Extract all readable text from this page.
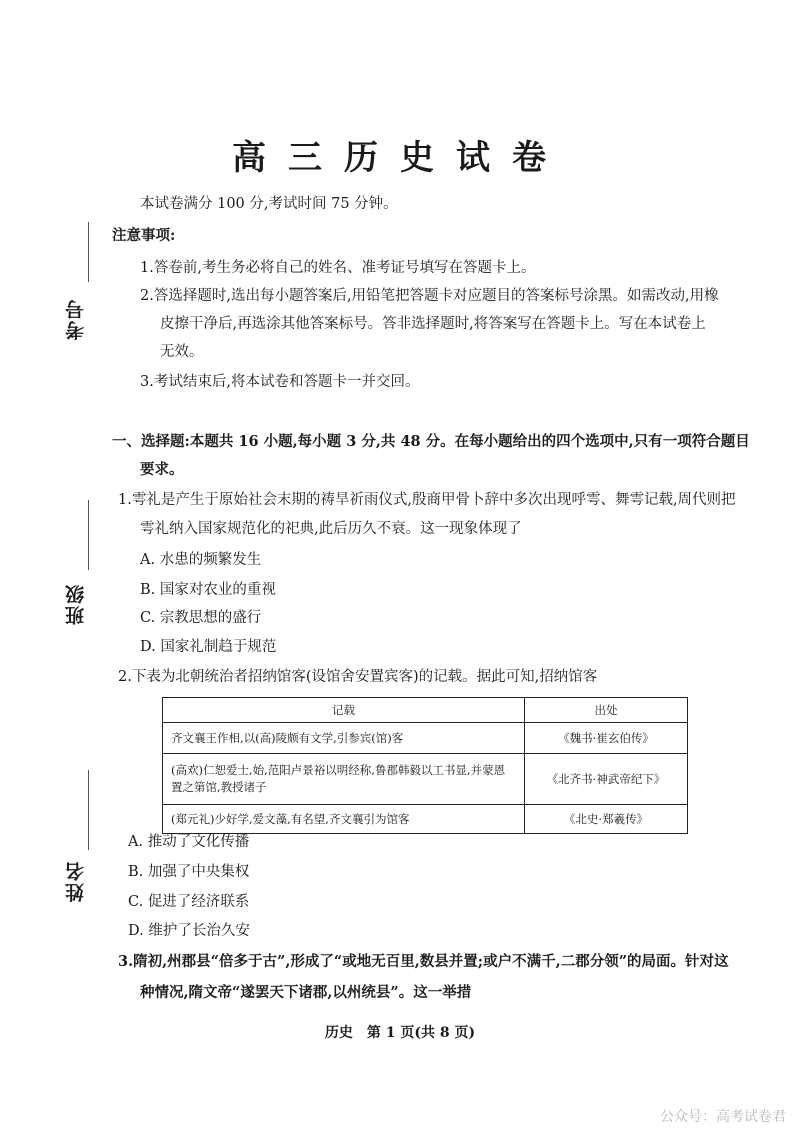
考号
班级
姓名
高三历史试卷
本试卷满分 100 分,考试时间 75 分钟。
注意事项:
1.答卷前,考生务必将自己的姓名、准考证号填写在答题卡上。
2.答选择题时,选出每小题答案后,用铅笔把答题卡对应题目的答案标号涂黑。如需改动,用橡
皮擦干净后,再选涂其他答案标号。答非选择题时,将答案写在答题卡上。写在本试卷上
无效。
3.考试结束后,将本试卷和答题卡一并交回。
一、选择题:本题共 16 小题,每小题 3 分,共 48 分。在每小题给出的四个选项中,只有一项符合题目
要求。
1.雩礼是产生于原始社会末期的祷旱祈雨仪式,殷商甲骨卜辞中多次出现呼雩、舞雩记载,周代则把
雩礼纳入国家规范化的祀典,此后历久不衰。这一现象体现了
A. 水患的频繁发生
B. 国家对农业的重视
C. 宗教思想的盛行
D. 国家礼制趋于规范
2.下表为北朝统治者招纳馆客(设馆舍安置宾客)的记载。据此可知,招纳馆客
记载	出处
齐文襄王作相,以(高)陵颇有文学,引参宾(馆)客	《魏书·崔玄伯传》
(高欢)仁恕爱士,始,范阳卢景裕以明经称,鲁郡韩毅以工书显,并蒙恩置之第馆,教授诸子	《北齐书·神武帝纪下》
(郑元礼)少好学,爱文藻,有名望,齐文襄引为馆客	《北史·郑羲传》
A. 推动了文化传播
B. 加强了中央集权
C. 促进了经济联系
D. 维护了长治久安
3.隋初,州郡县“倍多于古”,形成了“或地无百里,数县并置;或户不满千,二郡分领”的局面。针对这
种情况,隋文帝“遂罢天下诸郡,以州统县”。这一举措
历史　第 1 页(共 8 页)
公众号：高考试卷君
